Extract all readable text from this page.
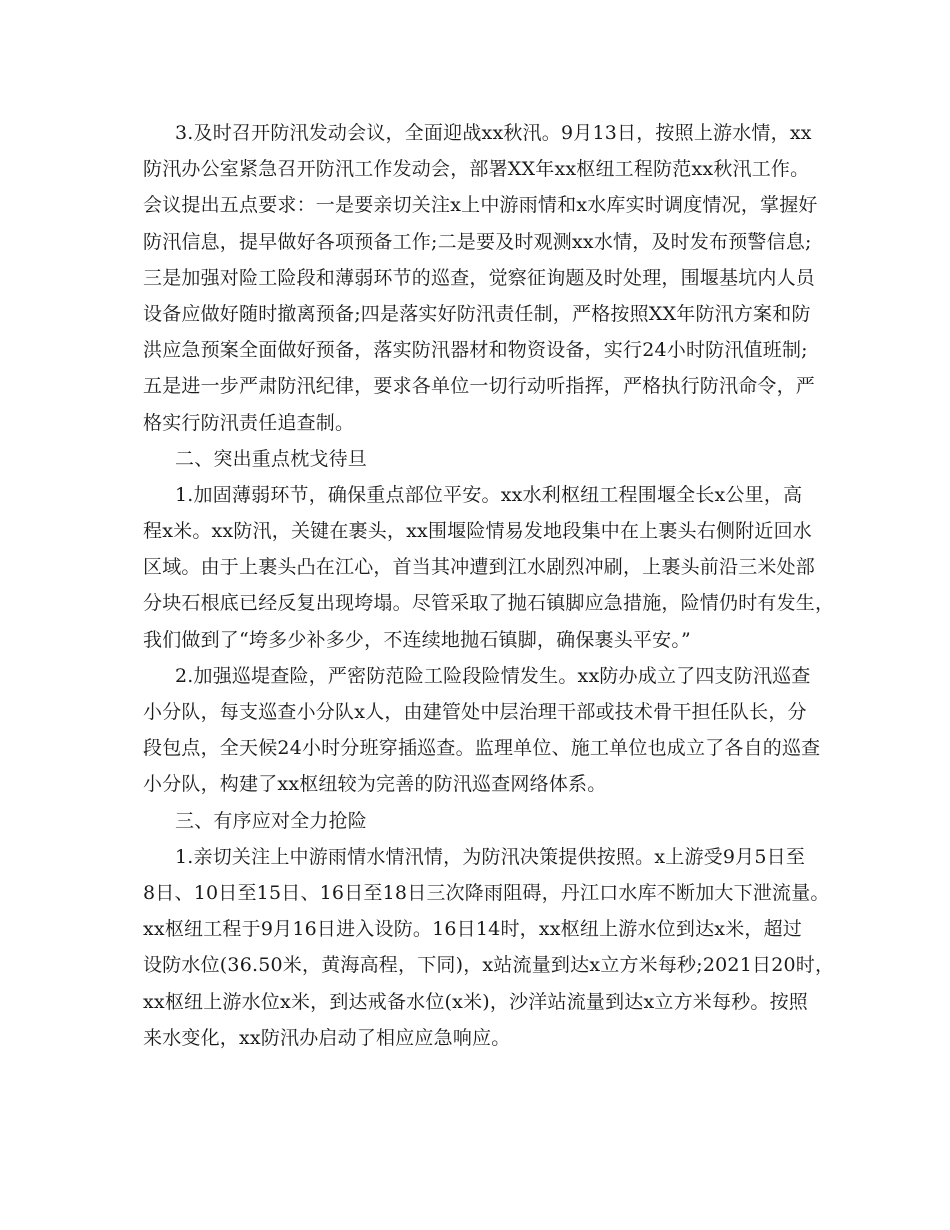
3.及时召开防汛发动会议，全面迎战xx秋汛。9月13日，按照上游水情，xx
防汛办公室紧急召开防汛工作发动会，部署XX年xx枢纽工程防范xx秋汛工作。
会议提出五点要求：一是要亲切关注x上中游雨情和x水库实时调度情况，掌握好
防汛信息，提早做好各项预备工作;二是要及时观测xx水情，及时发布预警信息;
三是加强对险工险段和薄弱环节的巡查，觉察征询题及时处理，围堰基坑内人员
设备应做好随时撤离预备;四是落实好防汛责任制，严格按照XX年防汛方案和防
洪应急预案全面做好预备，落实防汛器材和物资设备，实行24小时防汛值班制;
五是进一步严肃防汛纪律，要求各单位一切行动听指挥，严格执行防汛命令，严
格实行防汛责任追查制。
二、突出重点枕戈待旦
1.加固薄弱环节，确保重点部位平安。xx水利枢纽工程围堰全长x公里，高
程x米。xx防汛，关键在裹头，xx围堰险情易发地段集中在上裹头右侧附近回水
区域。由于上裹头凸在江心，首当其冲遭到江水剧烈冲刷，上裹头前沿三米处部
分块石根底已经反复出现垮塌。尽管采取了抛石镇脚应急措施，险情仍时有发生，
我们做到了“垮多少补多少，不连续地抛石镇脚，确保裹头平安。”
2.加强巡堤查险，严密防范险工险段险情发生。xx防办成立了四支防汛巡查
小分队，每支巡查小分队x人，由建管处中层治理干部或技术骨干担任队长，分
段包点，全天候24小时分班穿插巡查。监理单位、施工单位也成立了各自的巡查
小分队，构建了xx枢纽较为完善的防汛巡查网络体系。
三、有序应对全力抢险
1.亲切关注上中游雨情水情汛情，为防汛决策提供按照。x上游受9月5日至
8日、10日至15日、16日至18日三次降雨阻碍，丹江口水库不断加大下泄流量。
xx枢纽工程于9月16日进入设防。16日14时，xx枢纽上游水位到达x米，超过
设防水位(36.50米，黄海高程，下同)，x站流量到达x立方米每秒;2021日20时，
xx枢纽上游水位x米，到达戒备水位(x米)，沙洋站流量到达x立方米每秒。按照
来水变化，xx防汛办启动了相应应急响应。
